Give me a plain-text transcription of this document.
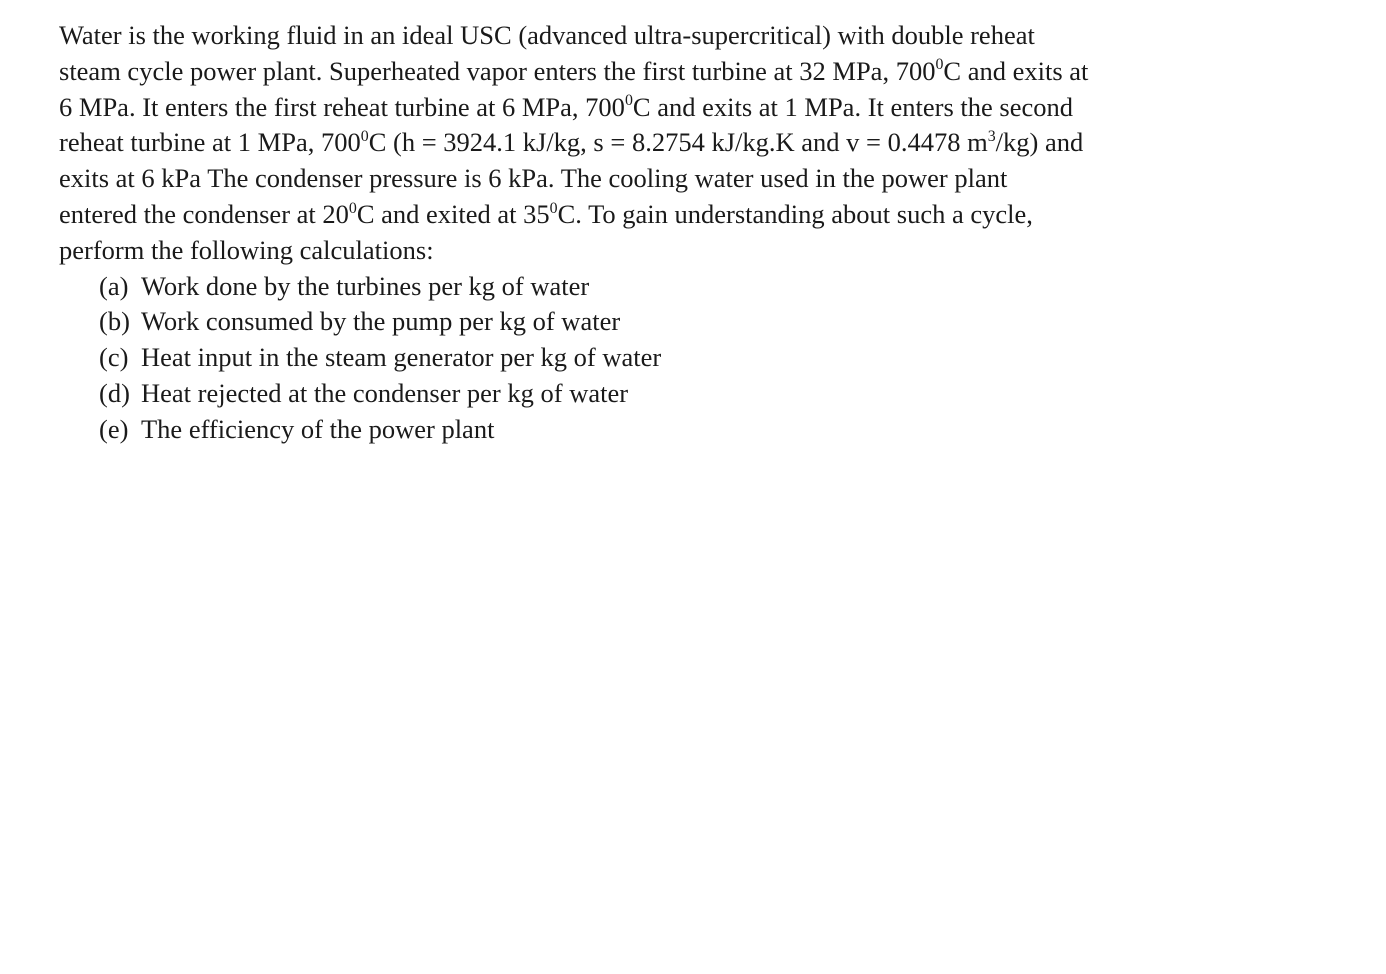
Water is the working fluid in an ideal USC (advanced ultra-supercritical) with double reheat
steam cycle power plant. Superheated vapor enters the first turbine at 32 MPa, $700^0C$ and exits at
6 MPa. It enters the first reheat turbine at 6 MPa, $700^0C$ and exits at 1 MPa. It enters the second
reheat turbine at 1 MPa, $700^0C$ (h = 3924.1 kJ/kg, s = 8.2754 kJ/kg.K and v = 0.4478 $m^3/kg$) and
exits at 6 kPa The condenser pressure is 6 kPa. The cooling water used in the power plant
entered the condenser at $20^0C$ and exited at $35^0C$. To gain understanding about such a cycle,
perform the following calculations:
(a) Work done by the turbines per kg of water
(b) Work consumed by the pump per kg of water
(c) Heat input in the steam generator per kg of water
(d) Heat rejected at the condenser per kg of water
(e) The efficiency of the power plant
